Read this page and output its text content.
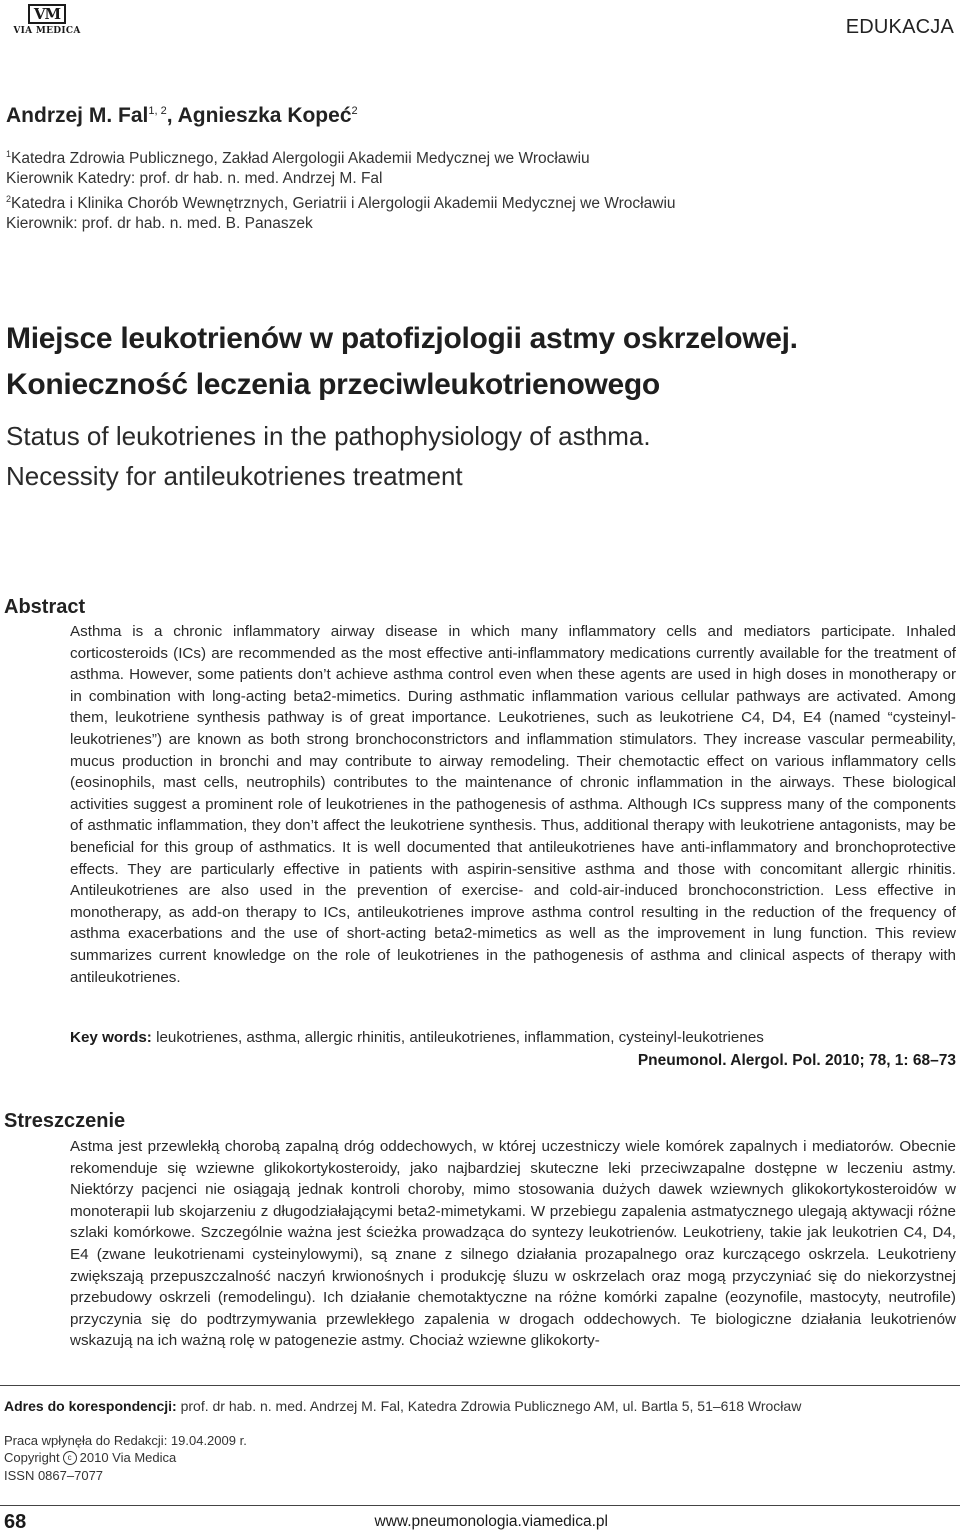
VM
VIA MEDICA	EDUKACJA
Andrzej M. Fal$^{1, 2}$, Agnieszka Kopeć$^2$
$^1$Katedra Zdrowia Publicznego, Zakład Alergologii Akademii Medycznej we Wrocławiu
Kierownik Katedry: prof. dr hab. n. med. Andrzej M. Fal
$^2$Katedra i Klinika Chorób Wewnętrznych, Geriatrii i Alergologii Akademii Medycznej we Wrocławiu
Kierownik: prof. dr hab. n. med. B. Panaszek
Miejsce leukotrienów w patofizjologii astmy oskrzelowej.
Konieczność leczenia przeciwleukotrienowego
Status of leukotrienes in the pathophysiology of asthma.
Necessity for antileukotrienes treatment
Abstract

Asthma is a chronic inflammatory airway disease in which many inflammatory cells and mediators participate. Inhaled corticosteroids (ICs) are recommended as the most effective anti-inflammatory medications currently available for the treatment of asthma. However, some patients don’t achieve asthma control even when these agents are used in high doses in monotherapy or in combination with long-acting beta2-mimetics. During asthmatic inflammation various cellular pathways are activated. Among them, leukotriene synthesis pathway is of great importance. Leukotrienes, such as leukotriene C4, D4, E4 (named “cysteinyl-leukotrienes”) are known as both strong bronchoconstrictors and inflammation stimulators. They increase vascular permeability, mucus production in bronchi and may contribute to airway remodeling. Their chemotactic effect on various inflammatory cells (eosinophils, mast cells, neutrophils) contributes to the maintenance of chronic inflammation in the airways. These biological activities suggest a prominent role of leukotrienes in the pathogenesis of asthma. Although ICs suppress many of the components of asthmatic inflammation, they don’t affect the leukotriene synthesis. Thus, additional therapy with leukotriene antagonists, may be beneficial for this group of asthmatics. It is well documented that antileukotrienes have anti-inflammatory and bronchoprotective effects. They are particularly effective in patients with aspirin-sensitive asthma and those with concomitant allergic rhinitis. Antileukotrienes are also used in the prevention of exercise- and cold-air-induced bronchoconstriction. Less effective in monotherapy, as add-on therapy to ICs, antileukotrienes improve asthma control resulting in the reduction of the frequency of asthma exacerbations and the use of short-acting beta2-mimetics as well as the improvement in lung function. This review summarizes current knowledge on the role of leukotrienes in the pathogenesis of asthma and clinical aspects of therapy with antileukotrienes.

Key words: leukotrienes, asthma, allergic rhinitis, antileukotrienes, inflammation, cysteinyl-leukotrienes
Pneumonol. Alergol. Pol. 2010; 78, 1: 68–73
Streszczenie

Astma jest przewlekłą chorobą zapalną dróg oddechowych, w której uczestniczy wiele komórek zapalnych i mediatorów. Obecnie rekomenduje się wziewne glikokortykosteroidy, jako najbardziej skuteczne leki przeciwzapalne dostępne w leczeniu astmy. Niektórzy pacjenci nie osiągają jednak kontroli choroby, mimo stosowania dużych dawek wziewnych glikokortykosteroidów w monoterapii lub skojarzeniu z długodziałającymi beta2-mimetykami. W przebiegu zapalenia astmatycznego ulegają aktywacji różne szlaki komórkowe. Szczególnie ważna jest ścieżka prowadząca do syntezy leukotrienów. Leukotrieny, takie jak leukotrien C4, D4, E4 (zwane leukotrienami cysteinylowymi), są znane z silnego działania prozapalnego oraz kurczącego oskrzela. Leukotrieny zwiększają przepuszczalność naczyń krwionośnych i produkcję śluzu w oskrzelach oraz mogą przyczyniać się do niekorzystnej przebudowy oskrzeli (remodelingu). Ich działanie chemotaktyczne na różne komórki zapalne (eozynofile, mastocyty, neutrofile) przyczynia się do podtrzymywania przewlekłego zapalenia w drogach oddechowych. Te biologiczne działania leukotrienów wskazują na ich ważną rolę w patogenezie astmy. Chociaż wziewne glikokorty-

Adres do korespondencji: prof. dr hab. n. med. Andrzej M. Fal, Katedra Zdrowia Publicznego AM, ul. Bartla 5, 51–618 Wrocław
Praca wpłynęła do Redakcji: 19.04.2009 r.
Copyright c 2010 Via Medica
ISSN 0867–7077
68	www.pneumonologia.viamedica.pl
